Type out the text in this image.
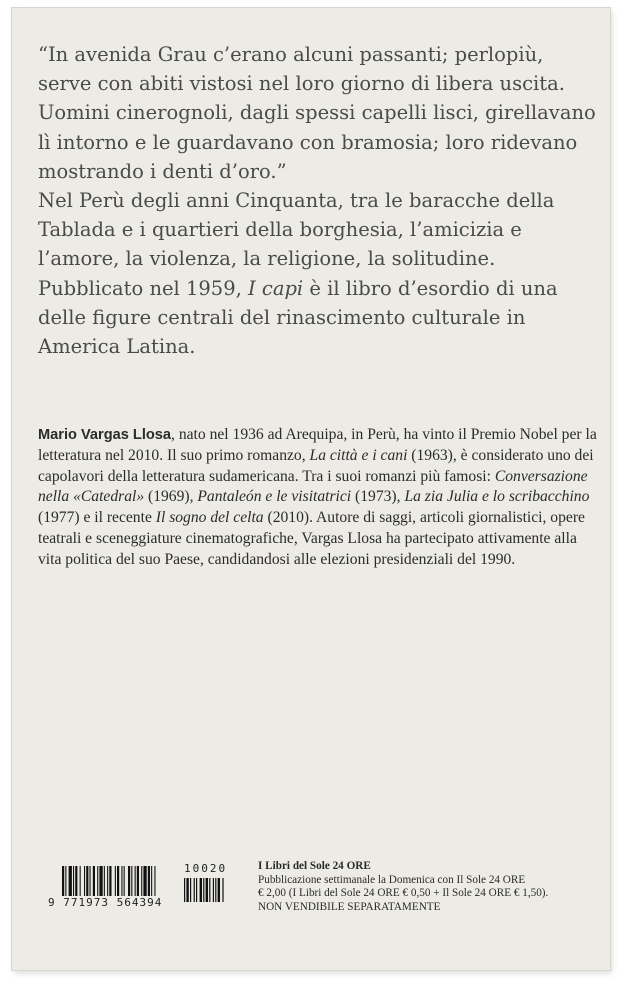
“In avenida Grau c’erano alcuni passanti; perlopiù, serve con abiti vistosi nel loro giorno di libera uscita. Uomini cinerognoli, dagli spessi capelli lisci, girellavano lì intorno e le guardavano con bramosia; loro ridevano mostrando i denti d’oro.”

Nel Perù degli anni Cinquanta, tra le baracche della Tablada e i quartieri della borghesia, l’amicizia e l’amore, la violenza, la religione, la solitudine. Pubblicato nel 1959, I capi è il libro d’esordio di una delle figure centrali del rinascimento culturale in America Latina.

Mario Vargas Llosa, nato nel 1936 ad Arequipa, in Perù, ha vinto il Premio Nobel per la letteratura nel 2010. Il suo primo romanzo, La città e i cani (1963), è considerato uno dei capolavori della letteratura sudamericana. Tra i suoi romanzi più famosi: Conversazione nella «Catedral» (1969), Pantaleón e le visitatrici (1973), La zia Julia e lo scribacchino (1977) e il recente Il sogno del celta (2010). Autore di saggi, articoli giornalistici, opere teatrali e sceneggiature cinematografiche, Vargas Llosa ha partecipato attivamente alla vita politica del suo Paese, candidandosi alle elezioni presidenziali del 1990.
9 771973 564394
10020	I Libri del Sole 24 ORE
Pubblicazione settimanale la Domenica con Il Sole 24 ORE
€ 2,00 (I Libri del Sole 24 ORE € 0,50 + Il Sole 24 ORE € 1,50).
NON VENDIBILE SEPARATAMENTE
